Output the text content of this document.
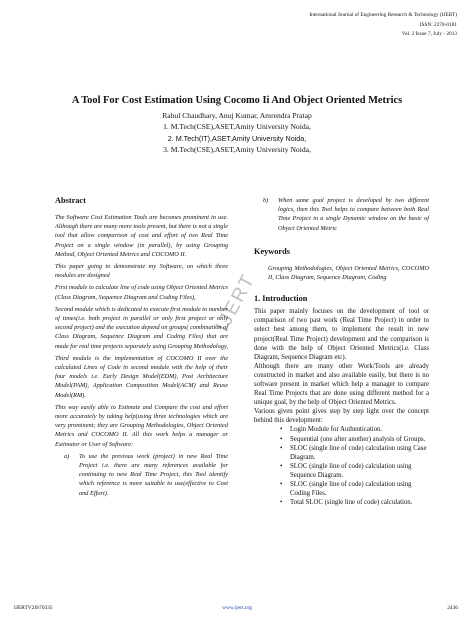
International Journal of Engineering Research & Technology (IJERT)
ISSN: 2278-0181
Vol. 2 Issue 7, July - 2013
A Tool For Cost Estimation Using Cocomo Ii And Object Oriented Metrics
Rahul Chaudhary, Anuj Kumar, Amrendra Pratap
1. M.Tech(CSE),ASET,Amity University Noida,
2. M.Tech(IT),ASET,Amity University Noida,
3. M.Tech(CSE),ASET,Amity University Noida,
IJERT
Abstract

The Software Cost Estimation Tools are becomes prominent in use. Although there are many more tools present, but there is not a single tool that allow comparison of cost and effort of two Real Time Project on a single window (in parallel), by using Grouping Method, Object Oriented Metrics and COCOMO II.

This paper going to demonstrate my Software, on which three modules are designed

First module to calculate line of code using Object Oriented Metrics (Class Diagram, Sequence Diagram and Coding Files),

Second module which is dedicated to execute first module to number of times(i.e. both project in parallel or only first project or only second project) and the execution depend on groups( combination of Class Diagram, Sequence Diagram and Coding Files) that are made for real time projects separately using Grouping Methodology,

Third module is the implementation of COCOMO II over the calculated Lines of Code in second module with the help of their four models i.e. Early Design Model(EDM), Post Architecture Model(PAM), Application Composition Model(ACM) and Reuse Model(RM).

This way easily able to Estimate and Compare the cost and effort more accurately by taking help(using three technologies which are very prominent; they are Grouping Methodologies, Object Oriented Metrics and COCOMO II. All this work helps a manager or Estimator or User of Software:

a) To use the previous work (project) in new Real Time Project i.e. there are many references available for continuing to new Real Time Project, this Tool identify which reference is more suitable to use(effective to Cost and Effort).
b) When same goal project is developed by two different logics, then this Tool helps to compare between both Real Time Project in a single Dynamic window on the basic of Object Oriented Metric
Keywords

Grouping Methodologies, Object Oriented Metrics, COCOMO II, Class Diagram, Sequence Diagram, Coding

1. Introduction

This paper mainly focuses on the development of tool or comparison of two past work (Real Time Project) in order to select best among them, to implement the result in new project(Real Time Project) development and the comparison is done with the help of Object Oriented Metrics(i.e. Class Diagram, Sequence Diagram etc).

Although there are many other Work/Tools are already constructed in market and also available easily, but there is no software present in market which help a manager to compare Real Time Projects that are done using different method for a unique goal, by the help of Object Oriented Metrics.

Various given point gives step by step light over the concept behind this development:

• Login Module for Authentication.
• Sequential (one after another) analysis of Groups.
• SLOC (single line of code) calculation using Case Diagram.
• SLOC (single line of code) calculation using Sequence Diagram.
• SLOC (single line of code) calculation using Coding Files.
• Total SLOC (single line of code) calculation.
IJERTV2IS70335	www.ijert.org	2436
